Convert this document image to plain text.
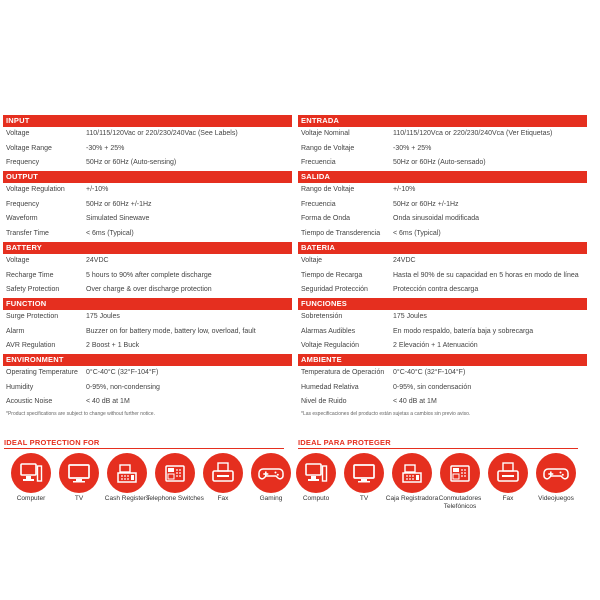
INPUT
Voltage	110/115/120Vac or 220/230/240Vac (See Labels)
Voltage Range	-30% + 25%
Frequency	50Hz or 60Hz (Auto-sensing)
OUTPUT
Voltage Regulation	+/-10%
Frequency	50Hz or 60Hz +/-1Hz
Waveform	Simulated Sinewave
Transfer Time	< 6ms (Typical)
BATTERY
Voltage	24VDC
Recharge Time	5 hours to 90% after complete discharge
Safety Protection	Over charge & over discharge protection
FUNCTION
Surge Protection	175 Joules
Alarm	Buzzer on for battery mode, battery low, overload, fault
AVR Regulation	2 Boost + 1 Buck
ENVIRONMENT
Operating Temperature	0°C-40°C (32°F-104°F)
Humidity	0-95%, non-condensing
Acoustic Noise	< 40 dB at 1M
*Product specifications are subject to change without further notice.
ENTRADA
Voltaje Nominal	110/115/120Vca or 220/230/240Vca (Ver Etiquetas)
Rango de Voltaje	-30% + 25%
Frecuencia	50Hz or 60Hz (Auto-sensado)
SALIDA
Rango de Voltaje	+/-10%
Frecuencia	50Hz or 60Hz +/-1Hz
Forma de Onda	Onda sinusoidal modificada
Tiempo de Transderencia	< 6ms (Typical)
BATERIA
Voltaje	24VDC
Tiempo de Recarga	Hasta el 90% de su capacidad en 5 horas en modo de línea
Seguridad Protección	Protección contra descarga
FUNCIONES
Sobretensión	175 Joules
Alarmas Audibles	En modo respaldo, batería baja y sobrecarga
Voltaje Regulación	2 Elevación + 1 Atenuación
AMBIENTE
Temperatura de Operación	0°C-40°C (32°F-104°F)
Humedad Relativa	0-95%, sin condensación
Nivel de Ruido	< 40 dB at 1M
*Las especificaciones del producto están sujetas a cambios sin previo aviso.
IDEAL PROTECTION FOR	IDEAL PARA PROTEGER
Computer	TV	Cash Registers
Telephone Switches	Fax	Gaming	Computo	TV	Caja Registradora Conmutadores Telefónicos
Fax	Videojuegos
